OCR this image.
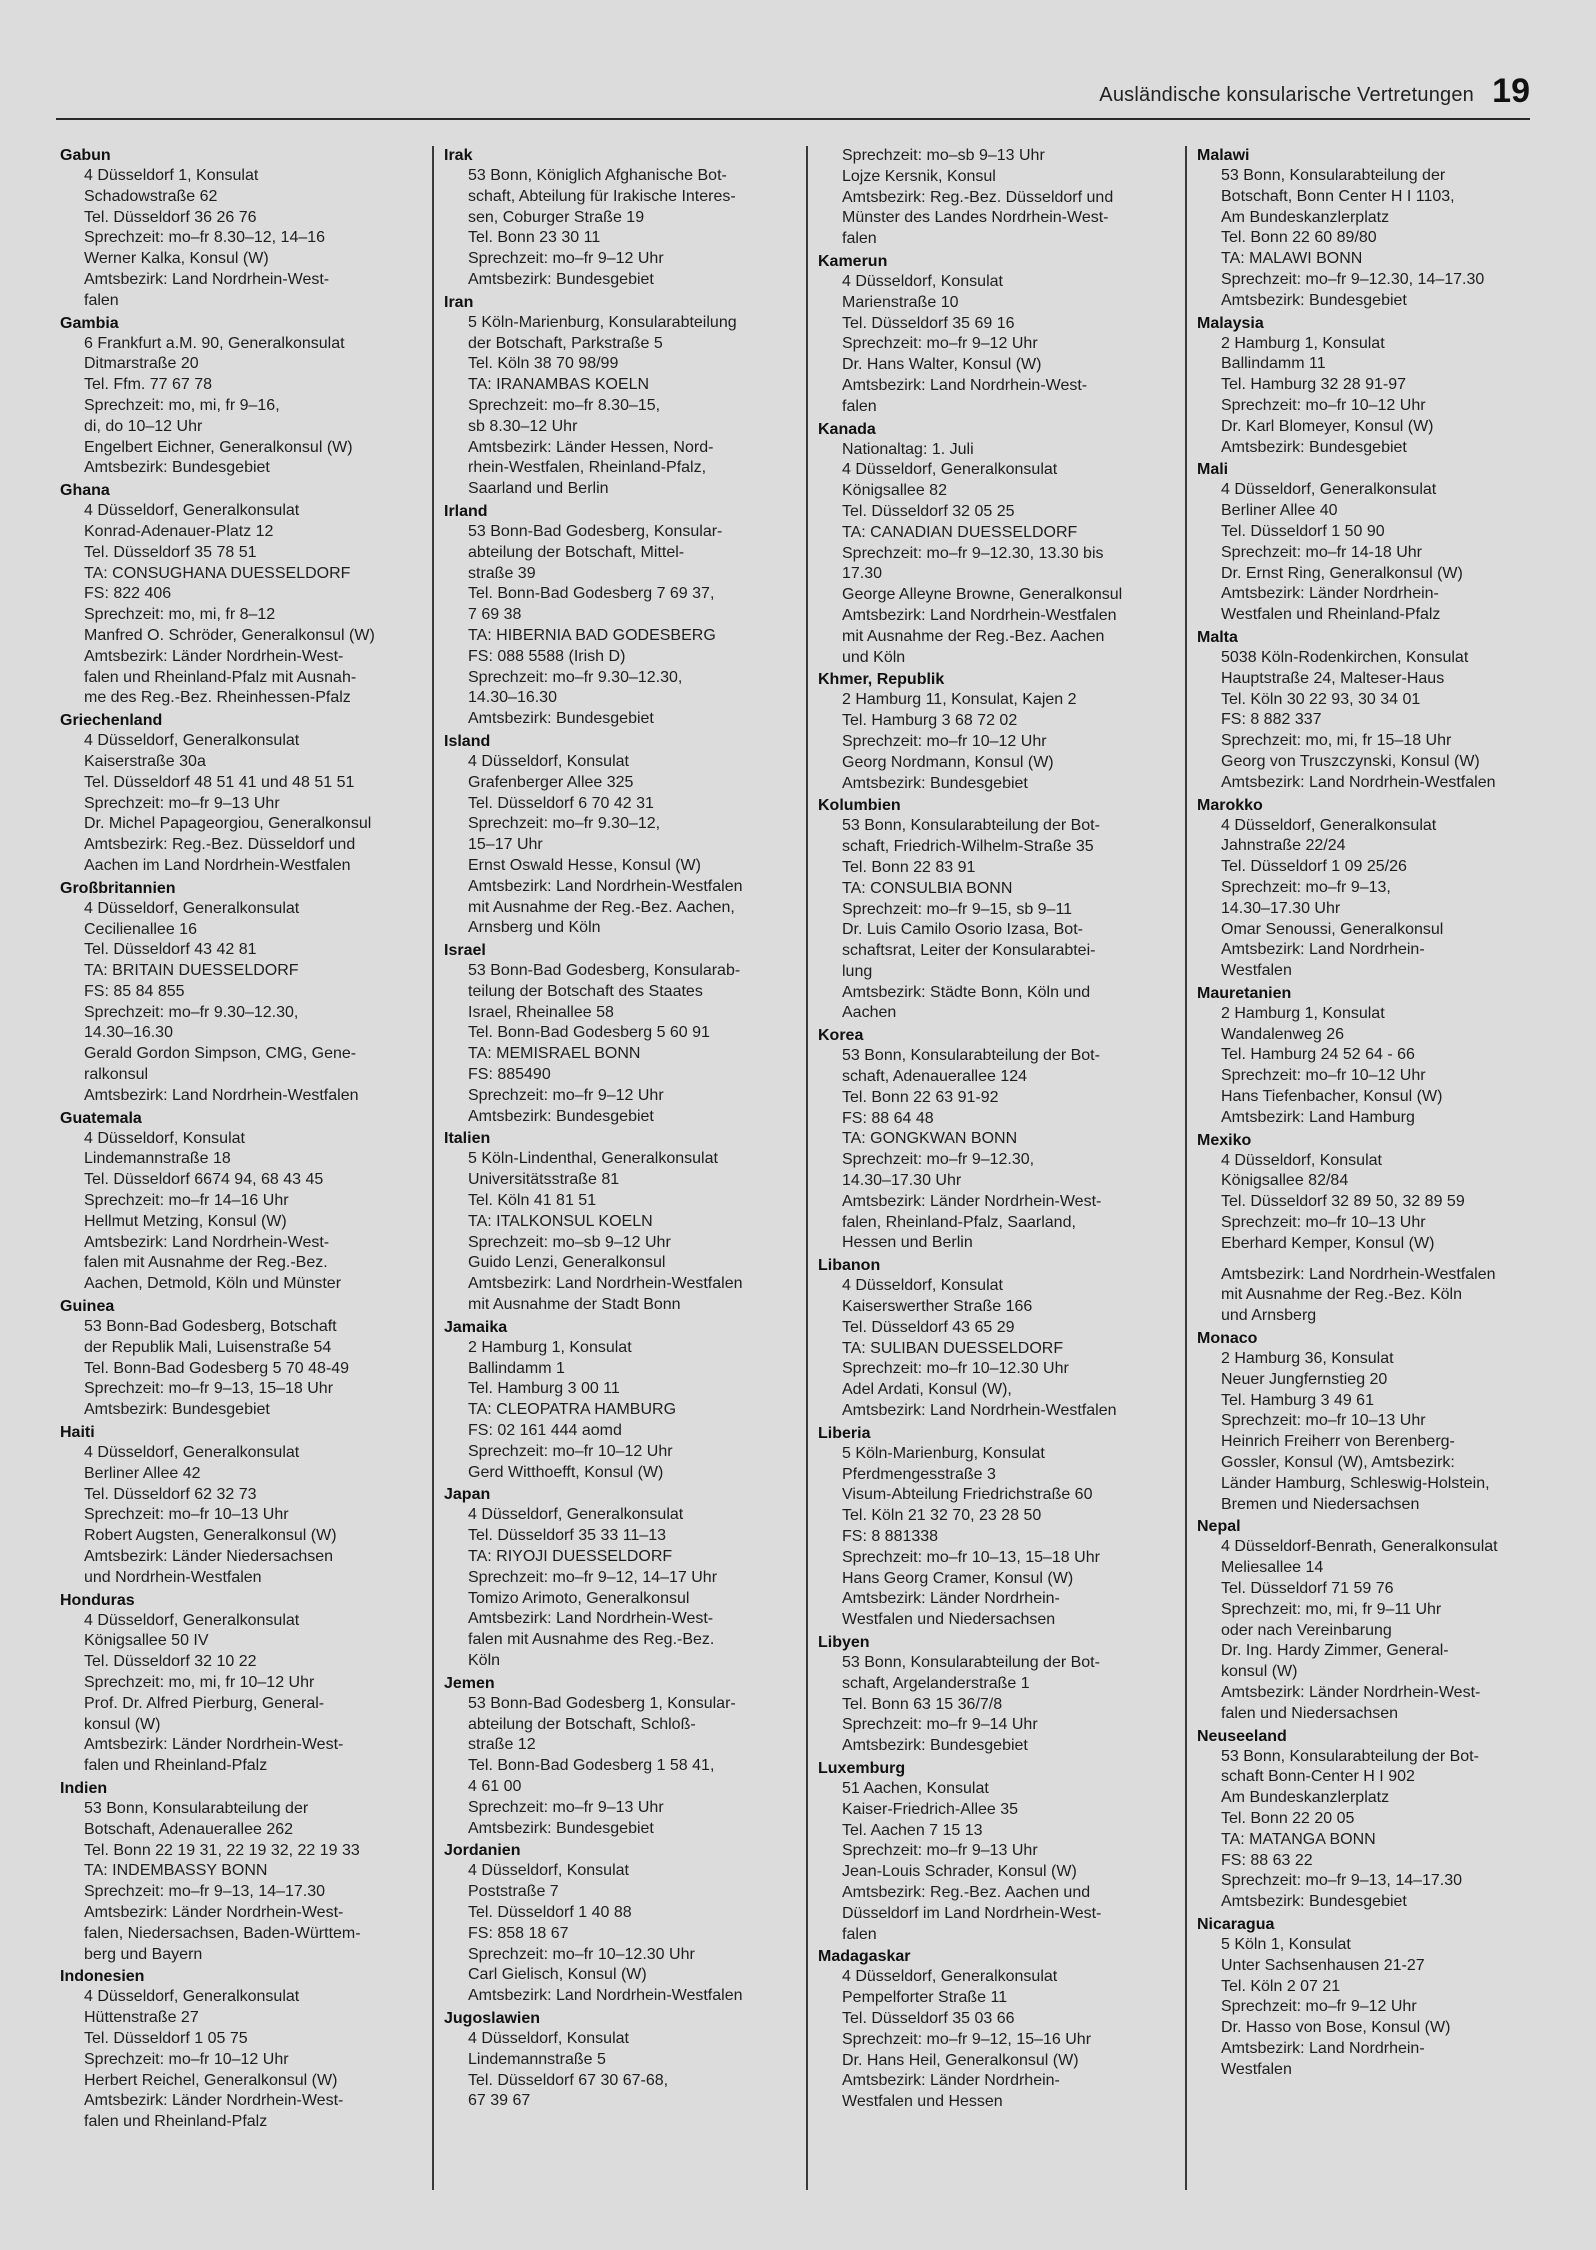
Ausländische konsularische Vertretungen 19
Gabun
4 Düsseldorf 1, Konsulat
Schadowstraße 62
Tel. Düsseldorf 36 26 76
Sprechzeit: mo–fr 8.30–12, 14–16
Werner Kalka, Konsul (W)
Amtsbezirk: Land Nordrhein-West-
falen
Gambia
6 Frankfurt a.M. 90, Generalkonsulat
Ditmarstraße 20
Tel. Ffm. 77 67 78
Sprechzeit: mo, mi, fr 9–16,
di, do 10–12 Uhr
Engelbert Eichner, Generalkonsul (W)
Amtsbezirk: Bundesgebiet
Ghana
4 Düsseldorf, Generalkonsulat
Konrad-Adenauer-Platz 12
Tel. Düsseldorf 35 78 51
TA: CONSUGHANA DUESSELDORF
FS: 822 406
Sprechzeit: mo, mi, fr 8–12
Manfred O. Schröder, Generalkonsul (W)
Amtsbezirk: Länder Nordrhein-West-
falen und Rheinland-Pfalz mit Ausnah-
me des Reg.-Bez. Rheinhessen-Pfalz
Griechenland
4 Düsseldorf, Generalkonsulat
Kaiserstraße 30a
Tel. Düsseldorf 48 51 41 und 48 51 51
Sprechzeit: mo–fr 9–13 Uhr
Dr. Michel Papageorgiou, Generalkonsul
Amtsbezirk: Reg.-Bez. Düsseldorf und
Aachen im Land Nordrhein-Westfalen
Großbritannien
4 Düsseldorf, Generalkonsulat
Cecilienallee 16
Tel. Düsseldorf 43 42 81
TA: BRITAIN DUESSELDORF
FS: 85 84 855
Sprechzeit: mo–fr 9.30–12.30,
14.30–16.30
Gerald Gordon Simpson, CMG, Gene-
ralkonsul
Amtsbezirk: Land Nordrhein-Westfalen
Guatemala
4 Düsseldorf, Konsulat
Lindemannstraße 18
Tel. Düsseldorf 6674 94, 68 43 45
Sprechzeit: mo–fr 14–16 Uhr
Hellmut Metzing, Konsul (W)
Amtsbezirk: Land Nordrhein-West-
falen mit Ausnahme der Reg.-Bez.
Aachen, Detmold, Köln und Münster
Guinea
53 Bonn-Bad Godesberg, Botschaft
der Republik Mali, Luisenstraße 54
Tel. Bonn-Bad Godesberg 5 70 48-49
Sprechzeit: mo–fr 9–13, 15–18 Uhr
Amtsbezirk: Bundesgebiet
Haiti
4 Düsseldorf, Generalkonsulat
Berliner Allee 42
Tel. Düsseldorf 62 32 73
Sprechzeit: mo–fr 10–13 Uhr
Robert Augsten, Generalkonsul (W)
Amtsbezirk: Länder Niedersachsen
und Nordrhein-Westfalen
Honduras
4 Düsseldorf, Generalkonsulat
Königsallee 50 IV
Tel. Düsseldorf 32 10 22
Sprechzeit: mo, mi, fr 10–12 Uhr
Prof. Dr. Alfred Pierburg, General-
konsul (W)
Amtsbezirk: Länder Nordrhein-West-
falen und Rheinland-Pfalz
Indien
53 Bonn, Konsularabteilung der
Botschaft, Adenauerallee 262
Tel. Bonn 22 19 31, 22 19 32, 22 19 33
TA: INDEMBASSY BONN
Sprechzeit: mo–fr 9–13, 14–17.30
Amtsbezirk: Länder Nordrhein-West-
falen, Niedersachsen, Baden-Württem-
berg und Bayern
Indonesien
4 Düsseldorf, Generalkonsulat
Hüttenstraße 27
Tel. Düsseldorf 1 05 75
Sprechzeit: mo–fr 10–12 Uhr
Herbert Reichel, Generalkonsul (W)
Amtsbezirk: Länder Nordrhein-West-
falen und Rheinland-Pfalz
Irak
53 Bonn, Königlich Afghanische Bot-
schaft, Abteilung für Irakische Interes-
sen, Coburger Straße 19
Tel. Bonn 23 30 11
Sprechzeit: mo–fr 9–12 Uhr
Amtsbezirk: Bundesgebiet
Iran
5 Köln-Marienburg, Konsularabteilung
der Botschaft, Parkstraße 5
Tel. Köln 38 70 98/99
TA: IRANAMBAS KOELN
Sprechzeit: mo–fr 8.30–15,
sb 8.30–12 Uhr
Amtsbezirk: Länder Hessen, Nord-
rhein-Westfalen, Rheinland-Pfalz,
Saarland und Berlin
Irland
53 Bonn-Bad Godesberg, Konsular-
abteilung der Botschaft, Mittel-
straße 39
Tel. Bonn-Bad Godesberg 7 69 37,
7 69 38
TA: HIBERNIA BAD GODESBERG
FS: 088 5588 (Irish D)
Sprechzeit: mo–fr 9.30–12.30,
14.30–16.30
Amtsbezirk: Bundesgebiet
Island
4 Düsseldorf, Konsulat
Grafenberger Allee 325
Tel. Düsseldorf 6 70 42 31
Sprechzeit: mo–fr 9.30–12,
15–17 Uhr
Ernst Oswald Hesse, Konsul (W)
Amtsbezirk: Land Nordrhein-Westfalen
mit Ausnahme der Reg.-Bez. Aachen,
Arnsberg und Köln
Israel
53 Bonn-Bad Godesberg, Konsularab-
teilung der Botschaft des Staates
Israel, Rheinallee 58
Tel. Bonn-Bad Godesberg 5 60 91
TA: MEMISRAEL BONN
FS: 885490
Sprechzeit: mo–fr 9–12 Uhr
Amtsbezirk: Bundesgebiet
Italien
5 Köln-Lindenthal, Generalkonsulat
Universitätsstraße 81
Tel. Köln 41 81 51
TA: ITALKONSUL KOELN
Sprechzeit: mo–sb 9–12 Uhr
Guido Lenzi, Generalkonsul
Amtsbezirk: Land Nordrhein-Westfalen
mit Ausnahme der Stadt Bonn
Jamaika
2 Hamburg 1, Konsulat
Ballindamm 1
Tel. Hamburg 3 00 11
TA: CLEOPATRA HAMBURG
FS: 02 161 444 aomd
Sprechzeit: mo–fr 10–12 Uhr
Gerd Witthoefft, Konsul (W)
Japan
4 Düsseldorf, Generalkonsulat
Tel. Düsseldorf 35 33 11–13
TA: RIYOJI DUESSELDORF
Sprechzeit: mo–fr 9–12, 14–17 Uhr
Tomizo Arimoto, Generalkonsul
Amtsbezirk: Land Nordrhein-West-
falen mit Ausnahme des Reg.-Bez.
Köln
Jemen
53 Bonn-Bad Godesberg 1, Konsular-
abteilung der Botschaft, Schloß-
straße 12
Tel. Bonn-Bad Godesberg 1 58 41,
4 61 00
Sprechzeit: mo–fr 9–13 Uhr
Amtsbezirk: Bundesgebiet
Jordanien
4 Düsseldorf, Konsulat
Poststraße 7
Tel. Düsseldorf 1 40 88
FS: 858 18 67
Sprechzeit: mo–fr 10–12.30 Uhr
Carl Gielisch, Konsul (W)
Amtsbezirk: Land Nordrhein-Westfalen
Jugoslawien
4 Düsseldorf, Konsulat
Lindemannstraße 5
Tel. Düsseldorf 67 30 67-68,
67 39 67
Sprechzeit: mo–sb 9–13 Uhr
Lojze Kersnik, Konsul
Amtsbezirk: Reg.-Bez. Düsseldorf und
Münster des Landes Nordrhein-West-
falen
Kamerun
4 Düsseldorf, Konsulat
Marienstraße 10
Tel. Düsseldorf 35 69 16
Sprechzeit: mo–fr 9–12 Uhr
Dr. Hans Walter, Konsul (W)
Amtsbezirk: Land Nordrhein-West-
falen
Kanada
Nationaltag: 1. Juli
4 Düsseldorf, Generalkonsulat
Königsallee 82
Tel. Düsseldorf 32 05 25
TA: CANADIAN DUESSELDORF
Sprechzeit: mo–fr 9–12.30, 13.30 bis
17.30
George Alleyne Browne, Generalkonsul
Amtsbezirk: Land Nordrhein-Westfalen
mit Ausnahme der Reg.-Bez. Aachen
und Köln
Khmer, Republik
2 Hamburg 11, Konsulat, Kajen 2
Tel. Hamburg 3 68 72 02
Sprechzeit: mo–fr 10–12 Uhr
Georg Nordmann, Konsul (W)
Amtsbezirk: Bundesgebiet
Kolumbien
53 Bonn, Konsularabteilung der Bot-
schaft, Friedrich-Wilhelm-Straße 35
Tel. Bonn 22 83 91
TA: CONSULBIA BONN
Sprechzeit: mo–fr 9–15, sb 9–11
Dr. Luis Camilo Osorio Izasa, Bot-
schaftsrat, Leiter der Konsularabtei-
lung
Amtsbezirk: Städte Bonn, Köln und
Aachen
Korea
53 Bonn, Konsularabteilung der Bot-
schaft, Adenauerallee 124
Tel. Bonn 22 63 91-92
FS: 88 64 48
TA: GONGKWAN BONN
Sprechzeit: mo–fr 9–12.30,
14.30–17.30 Uhr
Amtsbezirk: Länder Nordrhein-West-
falen, Rheinland-Pfalz, Saarland,
Hessen und Berlin
Libanon
4 Düsseldorf, Konsulat
Kaiserswerther Straße 166
Tel. Düsseldorf 43 65 29
TA: SULIBAN DUESSELDORF
Sprechzeit: mo–fr 10–12.30 Uhr
Adel Ardati, Konsul (W),
Amtsbezirk: Land Nordrhein-Westfalen
Liberia
5 Köln-Marienburg, Konsulat
Pferdmengesstraße 3
Visum-Abteilung Friedrichstraße 60
Tel. Köln 21 32 70, 23 28 50
FS: 8 881338
Sprechzeit: mo–fr 10–13, 15–18 Uhr
Hans Georg Cramer, Konsul (W)
Amtsbezirk: Länder Nordrhein-
Westfalen und Niedersachsen
Libyen
53 Bonn, Konsularabteilung der Bot-
schaft, Argelanderstraße 1
Tel. Bonn 63 15 36/7/8
Sprechzeit: mo–fr 9–14 Uhr
Amtsbezirk: Bundesgebiet
Luxemburg
51 Aachen, Konsulat
Kaiser-Friedrich-Allee 35
Tel. Aachen 7 15 13
Sprechzeit: mo–fr 9–13 Uhr
Jean-Louis Schrader, Konsul (W)
Amtsbezirk: Reg.-Bez. Aachen und
Düsseldorf im Land Nordrhein-West-
falen
Madagaskar
4 Düsseldorf, Generalkonsulat
Pempelforter Straße 11
Tel. Düsseldorf 35 03 66
Sprechzeit: mo–fr 9–12, 15–16 Uhr
Dr. Hans Heil, Generalkonsul (W)
Amtsbezirk: Länder Nordrhein-
Westfalen und Hessen
Malawi
53 Bonn, Konsularabteilung der
Botschaft, Bonn Center H I 1103,
Am Bundeskanzlerplatz
Tel. Bonn 22 60 89/80
TA: MALAWI BONN
Sprechzeit: mo–fr 9–12.30, 14–17.30
Amtsbezirk: Bundesgebiet
Malaysia
2 Hamburg 1, Konsulat
Ballindamm 11
Tel. Hamburg 32 28 91-97
Sprechzeit: mo–fr 10–12 Uhr
Dr. Karl Blomeyer, Konsul (W)
Amtsbezirk: Bundesgebiet
Mali
4 Düsseldorf, Generalkonsulat
Berliner Allee 40
Tel. Düsseldorf 1 50 90
Sprechzeit: mo–fr 14-18 Uhr
Dr. Ernst Ring, Generalkonsul (W)
Amtsbezirk: Länder Nordrhein-
Westfalen und Rheinland-Pfalz
Malta
5038 Köln-Rodenkirchen, Konsulat
Hauptstraße 24, Malteser-Haus
Tel. Köln 30 22 93, 30 34 01
FS: 8 882 337
Sprechzeit: mo, mi, fr 15–18 Uhr
Georg von Truszczynski, Konsul (W)
Amtsbezirk: Land Nordrhein-Westfalen
Marokko
4 Düsseldorf, Generalkonsulat
Jahnstraße 22/24
Tel. Düsseldorf 1 09 25/26
Sprechzeit: mo–fr 9–13,
14.30–17.30 Uhr
Omar Senoussi, Generalkonsul
Amtsbezirk: Land Nordrhein-
Westfalen
Mauretanien
2 Hamburg 1, Konsulat
Wandalenweg 26
Tel. Hamburg 24 52 64 - 66
Sprechzeit: mo–fr 10–12 Uhr
Hans Tiefenbacher, Konsul (W)
Amtsbezirk: Land Hamburg
Mexiko
4 Düsseldorf, Konsulat
Königsallee 82/84
Tel. Düsseldorf 32 89 50, 32 89 59
Sprechzeit: mo–fr 10–13 Uhr
Eberhard Kemper, Konsul (W)
Amtsbezirk: Land Nordrhein-Westfalen
mit Ausnahme der Reg.-Bez. Köln
und Arnsberg
Monaco
2 Hamburg 36, Konsulat
Neuer Jungfernstieg 20
Tel. Hamburg 3 49 61
Sprechzeit: mo–fr 10–13 Uhr
Heinrich Freiherr von Berenberg-
Gossler, Konsul (W), Amtsbezirk:
Länder Hamburg, Schleswig-Holstein,
Bremen und Niedersachsen
Nepal
4 Düsseldorf-Benrath, Generalkonsulat
Meliesallee 14
Tel. Düsseldorf 71 59 76
Sprechzeit: mo, mi, fr 9–11 Uhr
oder nach Vereinbarung
Dr. Ing. Hardy Zimmer, General-
konsul (W)
Amtsbezirk: Länder Nordrhein-West-
falen und Niedersachsen
Neuseeland
53 Bonn, Konsularabteilung der Bot-
schaft Bonn-Center H I 902
Am Bundeskanzlerplatz
Tel. Bonn 22 20 05
TA: MATANGA BONN
FS: 88 63 22
Sprechzeit: mo–fr 9–13, 14–17.30
Amtsbezirk: Bundesgebiet
Nicaragua
5 Köln 1, Konsulat
Unter Sachsenhausen 21-27
Tel. Köln 2 07 21
Sprechzeit: mo–fr 9–12 Uhr
Dr. Hasso von Bose, Konsul (W)
Amtsbezirk: Land Nordrhein-
Westfalen
